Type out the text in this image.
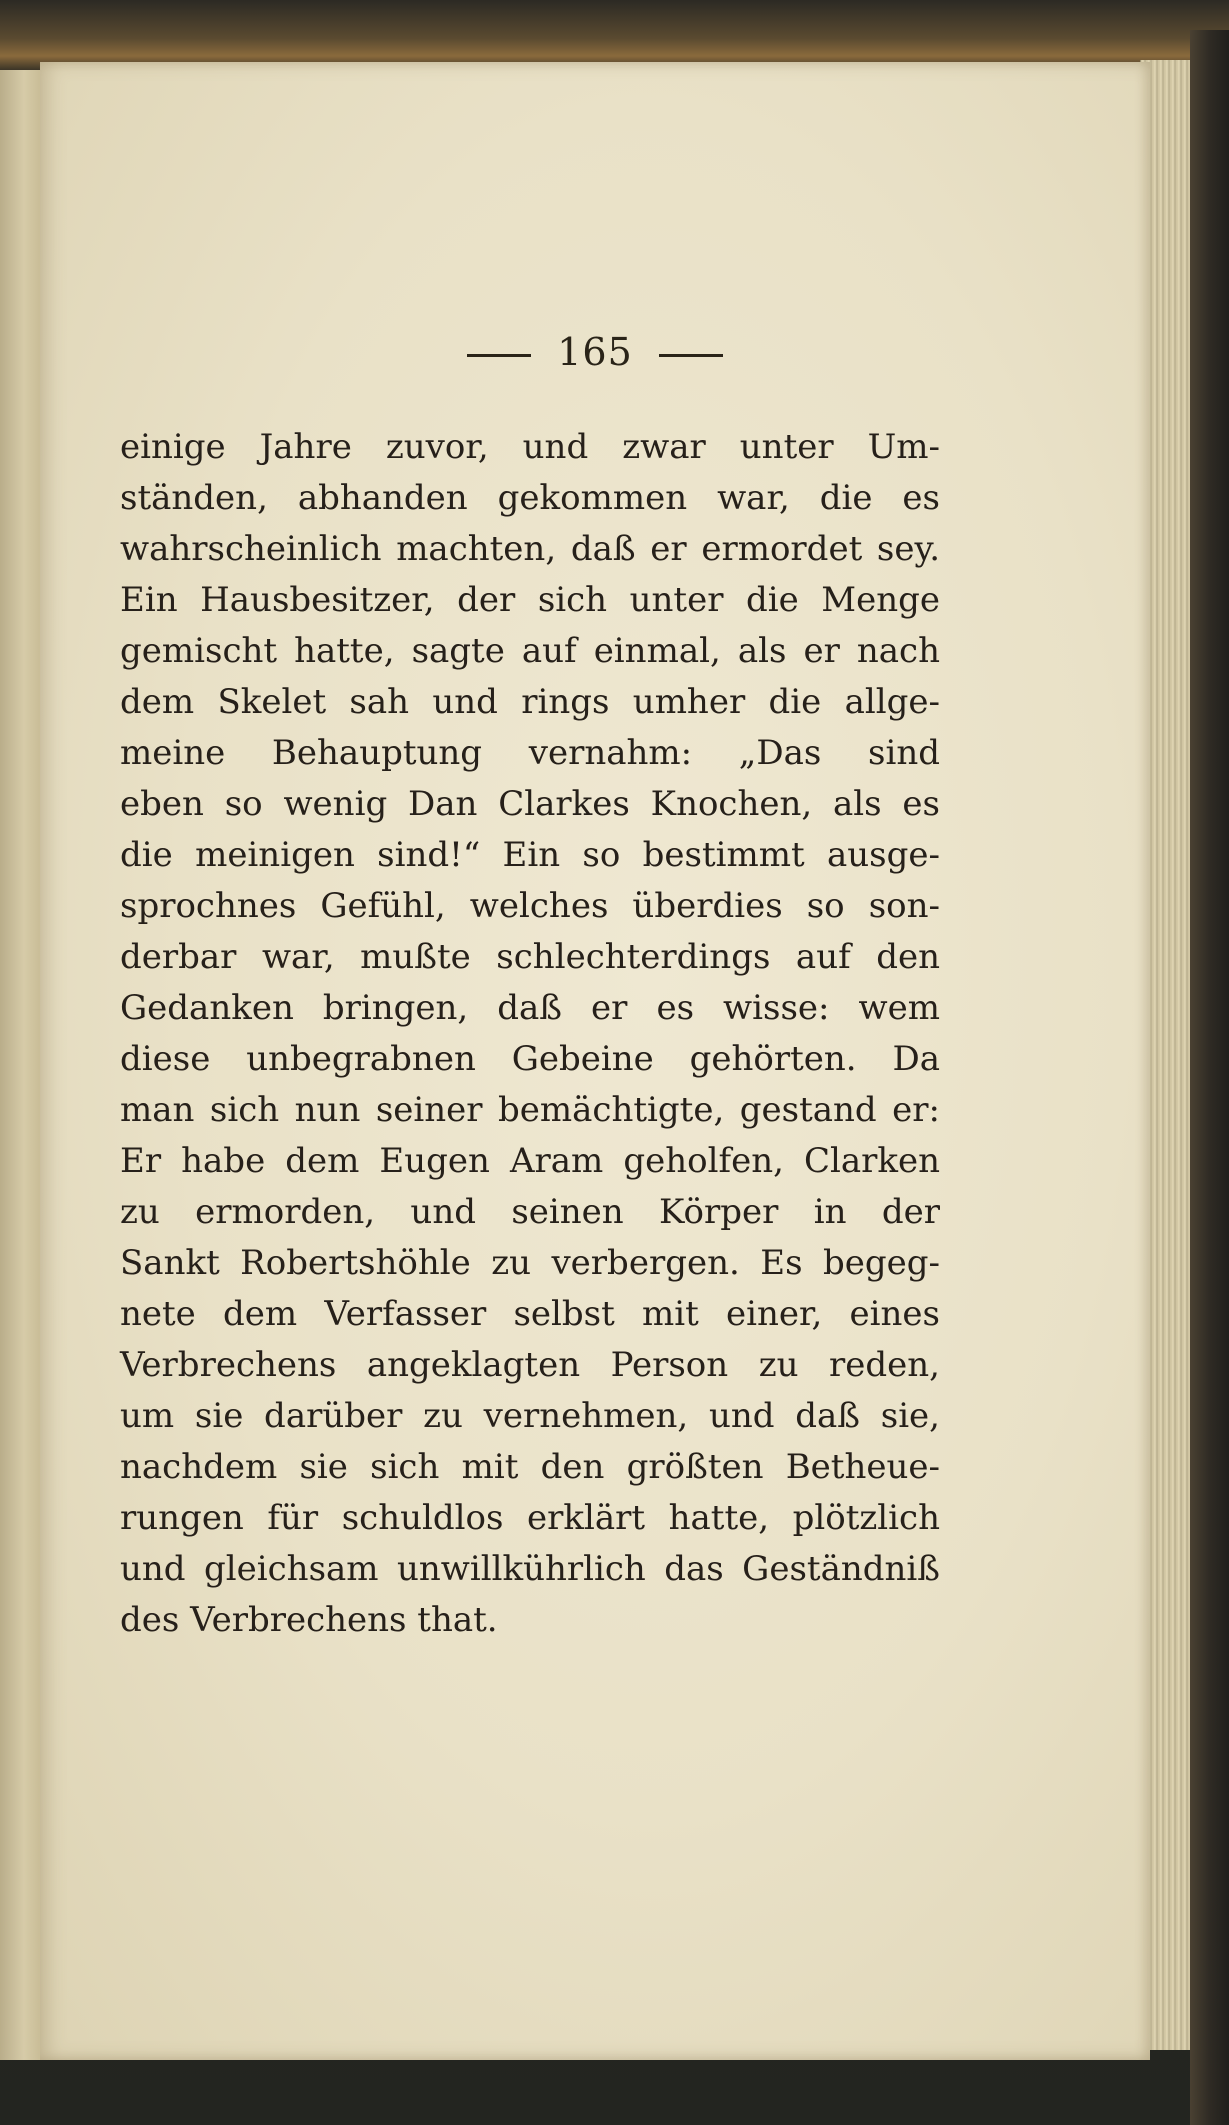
165
einige Jahre zuvor, und zwar unter Um-
ständen, abhanden gekommen war, die es
wahrscheinlich machten, daß er ermordet sey.
Ein Hausbesitzer, der sich unter die Menge
gemischt hatte, sagte auf einmal, als er nach
dem Skelet sah und rings umher die allge-
meine Behauptung vernahm: „Das sind
eben so wenig Dan Clarkes Knochen, als es
die meinigen sind!“ Ein so bestimmt ausge-
sprochnes Gefühl, welches überdies so son-
derbar war, mußte schlechterdings auf den
Gedanken bringen, daß er es wisse: wem
diese unbegrabnen Gebeine gehörten. Da
man sich nun seiner bemächtigte, gestand er:
Er habe dem Eugen Aram geholfen, Clarken
zu ermorden, und seinen Körper in der
Sankt Robertshöhle zu verbergen. Es begeg-
nete dem Verfasser selbst mit einer, eines
Verbrechens angeklagten Person zu reden,
um sie darüber zu vernehmen, und daß sie,
nachdem sie sich mit den größten Betheue-
rungen für schuldlos erklärt hatte, plötzlich
und gleichsam unwillkührlich das Geständniß
des Verbrechens that.
